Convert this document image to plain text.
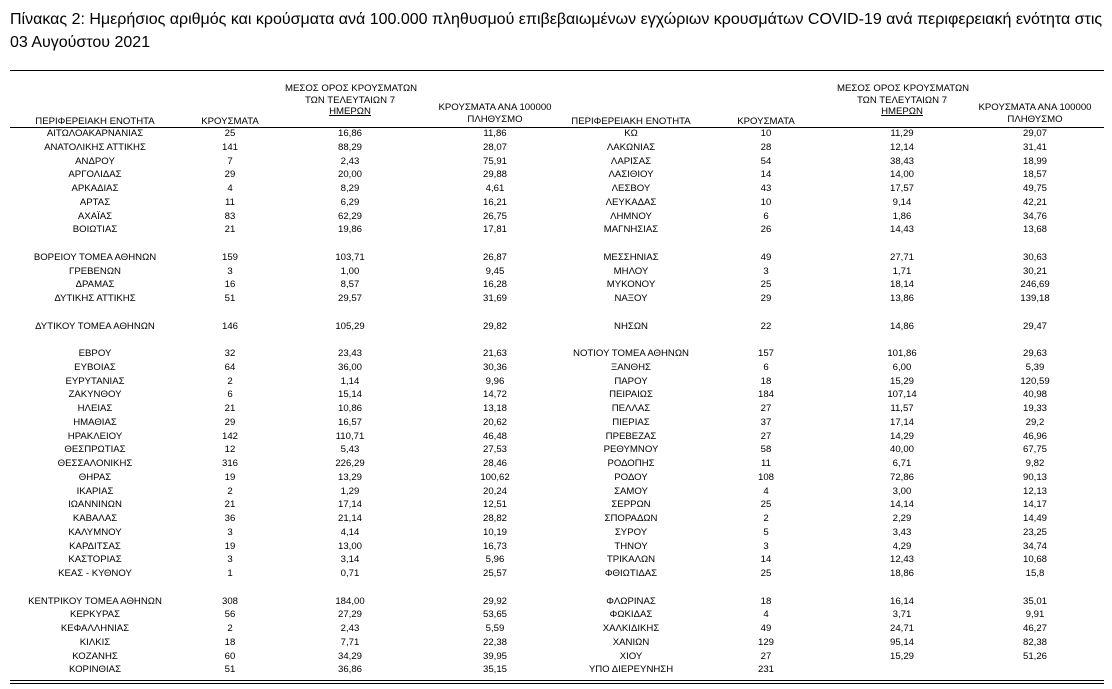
Πίνακας 2: Ημερήσιος αριθμός και κρούσματα ανά 100.000 πληθυσμού επιβεβαιωμένων εγχώριων κρουσμάτων COVID-19 ανά περιφερειακή ενότητα στις 03 Αυγούστου 2021
ΠΕΡΙΦΕΡΕΙΑΚΗ ΕΝΟΤΗΤΑ	ΚΡΟΥΣΜΑΤΑ
ΜΕΣΟΣ ΟΡΟΣ ΚΡΟΥΣΜΑΤΩΝ
ΤΩΝ ΤΕΛΕΥΤΑΙΩΝ 7
ΗΜΕΡΩΝ	ΚΡΟΥΣΜΑΤΑ ΑΝΑ 100000
ΠΛΗΘΥΣΜΟ	ΠΕΡΙΦΕΡΕΙΑΚΗ ΕΝΟΤΗΤΑ	ΚΡΟΥΣΜΑΤΑ
ΜΕΣΟΣ ΟΡΟΣ ΚΡΟΥΣΜΑΤΩΝ
ΤΩΝ ΤΕΛΕΥΤΑΙΩΝ 7
ΗΜΕΡΩΝ	ΚΡΟΥΣΜΑΤΑ ΑΝΑ 100000
ΠΛΗΘΥΣΜΟ
ΑΙΤΩΛΟΑΚΑΡΝΑΝΙΑΣ	25	16,86	11,86
ΑΝΑΤΟΛΙΚΗΣ ΑΤΤΙΚΗΣ	141	88,29	28,07
ΑΝΔΡΟΥ	7	2,43	75,91
ΑΡΓΟΛΙΔΑΣ	29	20,00	29,88
ΑΡΚΑΔΙΑΣ	4	8,29	4,61
ΑΡΤΑΣ	11	6,29	16,21
ΑΧΑΪΑΣ	83	62,29	26,75
ΒΟΙΩΤΙΑΣ	21	19,86	17,81
ΒΟΡΕΙΟΥ ΤΟΜΕΑ ΑΘΗΝΩΝ	159	103,71	26,87
ΓΡΕΒΕΝΩΝ	3	1,00	9,45
ΔΡΑΜΑΣ	16	8,57	16,28
ΔΥΤΙΚΗΣ ΑΤΤΙΚΗΣ	51	29,57	31,69
ΔΥΤΙΚΟΥ ΤΟΜΕΑ ΑΘΗΝΩΝ	146	105,29	29,82
ΕΒΡΟΥ	32	23,43	21,63
ΕΥΒΟΙΑΣ	64	36,00	30,36
ΕΥΡΥΤΑΝΙΑΣ	2	1,14	9,96
ΖΑΚΥΝΘΟΥ	6	15,14	14,72
ΗΛΕΙΑΣ	21	10,86	13,18
ΗΜΑΘΙΑΣ	29	16,57	20,62
ΗΡΑΚΛΕΙΟΥ	142	110,71	46,48
ΘΕΣΠΡΩΤΙΑΣ	12	5,43	27,53
ΘΕΣΣΑΛΟΝΙΚΗΣ	316	226,29	28,46
ΘΗΡΑΣ	19	13,29	100,62
ΙΚΑΡΙΑΣ	2	1,29	20,24
ΙΩΑΝΝΙΝΩΝ	21	17,14	12,51
ΚΑΒΑΛΑΣ	36	21,14	28,82
ΚΑΛΥΜΝΟΥ	3	4,14	10,19
ΚΑΡΔΙΤΣΑΣ	19	13,00	16,73
ΚΑΣΤΟΡΙΑΣ	3	3,14	5,96
ΚΕΑΣ - ΚΥΘΝΟΥ	1	0,71	25,57
ΚΕΝΤΡΙΚΟΥ ΤΟΜΕΑ ΑΘΗΝΩΝ	308	184,00	29,92
ΚΕΡΚΥΡΑΣ	56	27,29	53,65
ΚΕΦΑΛΛΗΝΙΑΣ	2	2,43	5,59
ΚΙΛΚΙΣ	18	7,71	22,38
ΚΟΖΑΝΗΣ	60	34,29	39,95
ΚΟΡΙΝΘΙΑΣ	51	36,86	35,15
ΚΩ	10	11,29	29,07
ΛΑΚΩΝΙΑΣ	28	12,14	31,41
ΛΑΡΙΣΑΣ	54	38,43	18,99
ΛΑΣΙΘΙΟΥ	14	14,00	18,57
ΛΕΣΒΟΥ	43	17,57	49,75
ΛΕΥΚΑΔΑΣ	10	9,14	42,21
ΛΗΜΝΟΥ	6	1,86	34,76
ΜΑΓΝΗΣΙΑΣ	26	14,43	13,68
ΜΕΣΣΗΝΙΑΣ	49	27,71	30,63
ΜΗΛΟΥ	3	1,71	30,21
ΜΥΚΟΝΟΥ	25	18,14	246,69
ΝΑΞΟΥ	29	13,86	139,18
ΝΗΣΩΝ	22	14,86	29,47
ΝΟΤΙΟΥ ΤΟΜΕΑ ΑΘΗΝΩΝ	157	101,86	29,63
ΞΑΝΘΗΣ	6	6,00	5,39
ΠΑΡΟΥ	18	15,29	120,59
ΠΕΙΡΑΙΩΣ	184	107,14	40,98
ΠΕΛΛΑΣ	27	11,57	19,33
ΠΙΕΡΙΑΣ	37	17,14	29,2
ΠΡΕΒΕΖΑΣ	27	14,29	46,96
ΡΕΘΥΜΝΟΥ	58	40,00	67,75
ΡΟΔΟΠΗΣ	11	6,71	9,82
ΡΟΔΟΥ	108	72,86	90,13
ΣΑΜΟΥ	4	3,00	12,13
ΣΕΡΡΩΝ	25	14,14	14,17
ΣΠΟΡΑΔΩΝ	2	2,29	14,49
ΣΥΡΟΥ	5	3,43	23,25
ΤΗΝΟΥ	3	4,29	34,74
ΤΡΙΚΑΛΩΝ	14	12,43	10,68
ΦΘΙΩΤΙΔΑΣ	25	18,86	15,8
ΦΛΩΡΙΝΑΣ	18	16,14	35,01
ΦΩΚΙΔΑΣ	4	3,71	9,91
ΧΑΛΚΙΔΙΚΗΣ	49	24,71	46,27
ΧΑΝΙΩΝ	129	95,14	82,38
ΧΙΟΥ	27	15,29	51,26
ΥΠΟ ΔΙΕΡΕΥΝΗΣΗ	231
